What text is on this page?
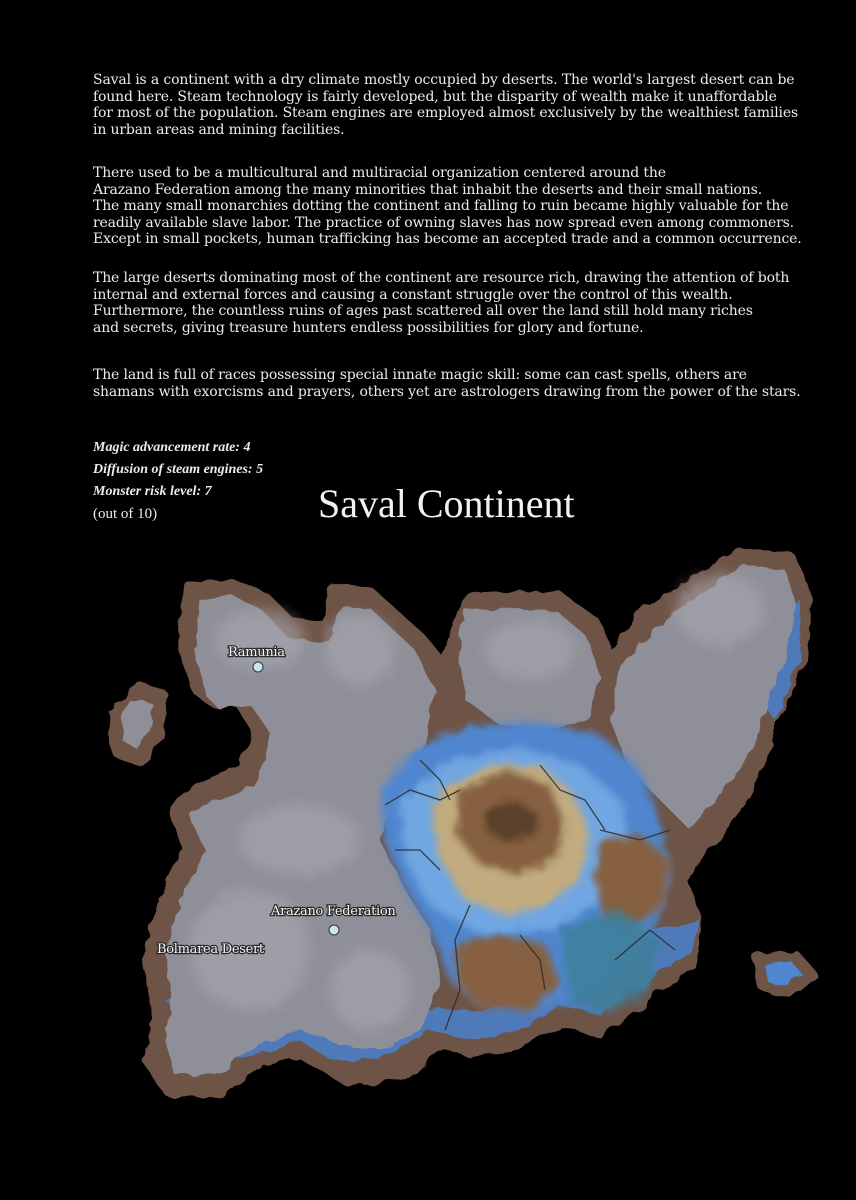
Saval is a continent with a dry climate mostly occupied by deserts. The world's largest desert can be
found here. Steam technology is fairly developed, but the disparity of wealth make it unaffordable
for most of the population. Steam engines are employed almost exclusively by the wealthiest families
in urban areas and mining facilities.
There used to be a multicultural and multiracial organization centered around the
Arazano Federation among the many minorities that inhabit the deserts and their small nations.
The many small monarchies dotting the continent and falling to ruin became highly valuable for the
readily available slave labor. The practice of owning slaves has now spread even among commoners.
Except in small pockets, human trafficking has become an accepted trade and a common occurrence.
The large deserts dominating most of the continent are resource rich, drawing the attention of both
internal and external forces and causing a constant struggle over the control of this wealth.
Furthermore, the countless ruins of ages past scattered all over the land still hold many riches
and secrets, giving treasure hunters endless possibilities for glory and fortune.
The land is full of races possessing special innate magic skill: some can cast spells, others are
shamans with exorcisms and prayers, others yet are astrologers drawing from the power of the stars.
Magic advancement rate: 4
Diffusion of steam engines: 5
Monster risk level: 7
(out of 10)	Saval Continent
Ramunia
Arazano Federation
Bolmarea Desert
